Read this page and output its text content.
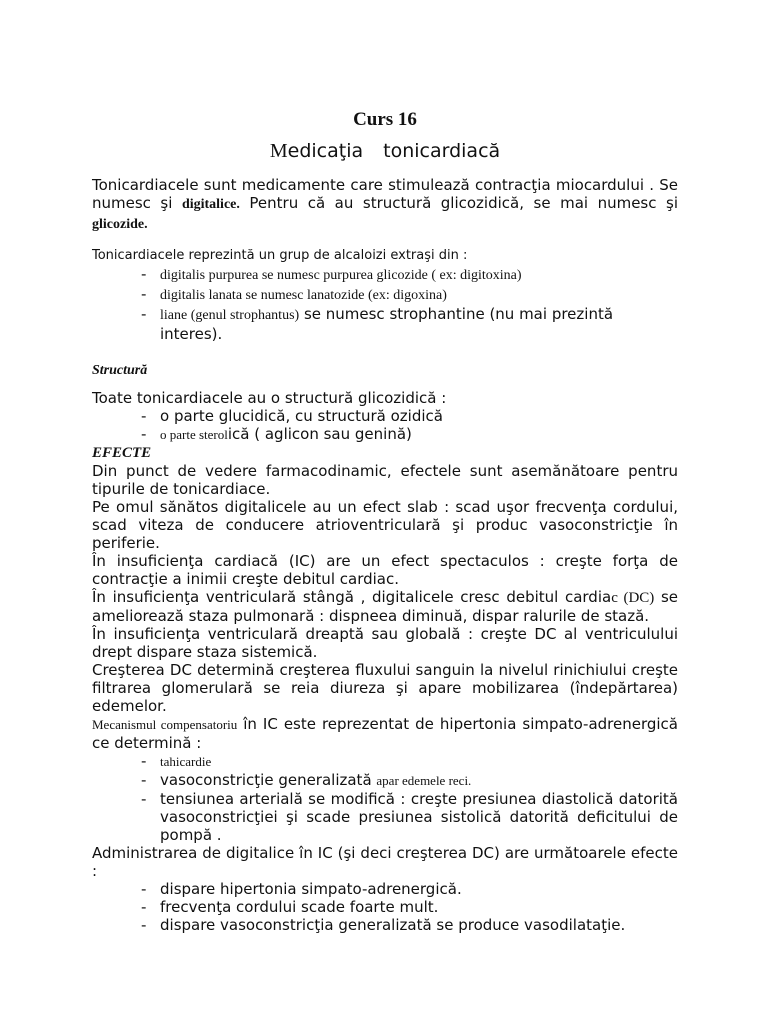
Curs 16

Medicaţia tonicardiacă

Tonicardiacele sunt medicamente care stimulează contracţia miocardului . Se numesc şi digitalice. Pentru că au structură glicozidică, se mai numesc şi glicozide.

Tonicardiacele reprezintă un grup de alcaloizi extraşi din :

- digitalis purpurea se numesc purpurea glicozide ( ex: digitoxina)
- digitalis lanata se numesc lanatozide (ex: digoxina)
- liane (genul strophantus) se numesc strophantine (nu mai prezintă interes).

Structură

Toate tonicardiacele au o structură glicozidică :

- o parte glucidică, cu structură ozidică
- o parte sterolică ( aglicon sau genină)

EFECTE

Din punct de vedere farmacodinamic, efectele sunt asemănătoare pentru tipurile de tonicardiace.

Pe omul sănătos digitalicele au un efect slab : scad uşor frecvenţa cordului, scad viteza de conducere atrioventriculară şi produc vasoconstricţie în periferie.

În insuficienţa cardiacă (IC) are un efect spectaculos : creşte forţa de contracţie a inimii creşte debitul cardiac.

În insuficienţa ventriculară stângă , digitalicele cresc debitul cardiac (DC) se ameliorează staza pulmonară : dispneea diminuă, dispar ralurile de stază.

În insuficienţa ventriculară dreaptă sau globală : creşte DC al ventriculului drept dispare staza sistemică.

Creşterea DC determină creşterea fluxului sanguin la nivelul rinichiului creşte filtrarea glomerulară se reia diureza şi apare mobilizarea (îndepărtarea) edemelor.

Mecanismul compensatoriu în IC este reprezentat de hipertonia simpato-adrenergică ce determină :

- tahicardie
- vasoconstricţie generalizată apar edemele reci.
- tensiunea arterială se modifică : creşte presiunea diastolică datorită vasoconstricţiei şi scade presiunea sistolică datorită deficitului de pompă .

Administrarea de digitalice în IC (şi deci creşterea DC) are următoarele efecte :

- dispare hipertonia simpato-adrenergică.
- frecvenţa cordului scade foarte mult.
- dispare vasoconstricţia generalizată se produce vasodilataţie.
